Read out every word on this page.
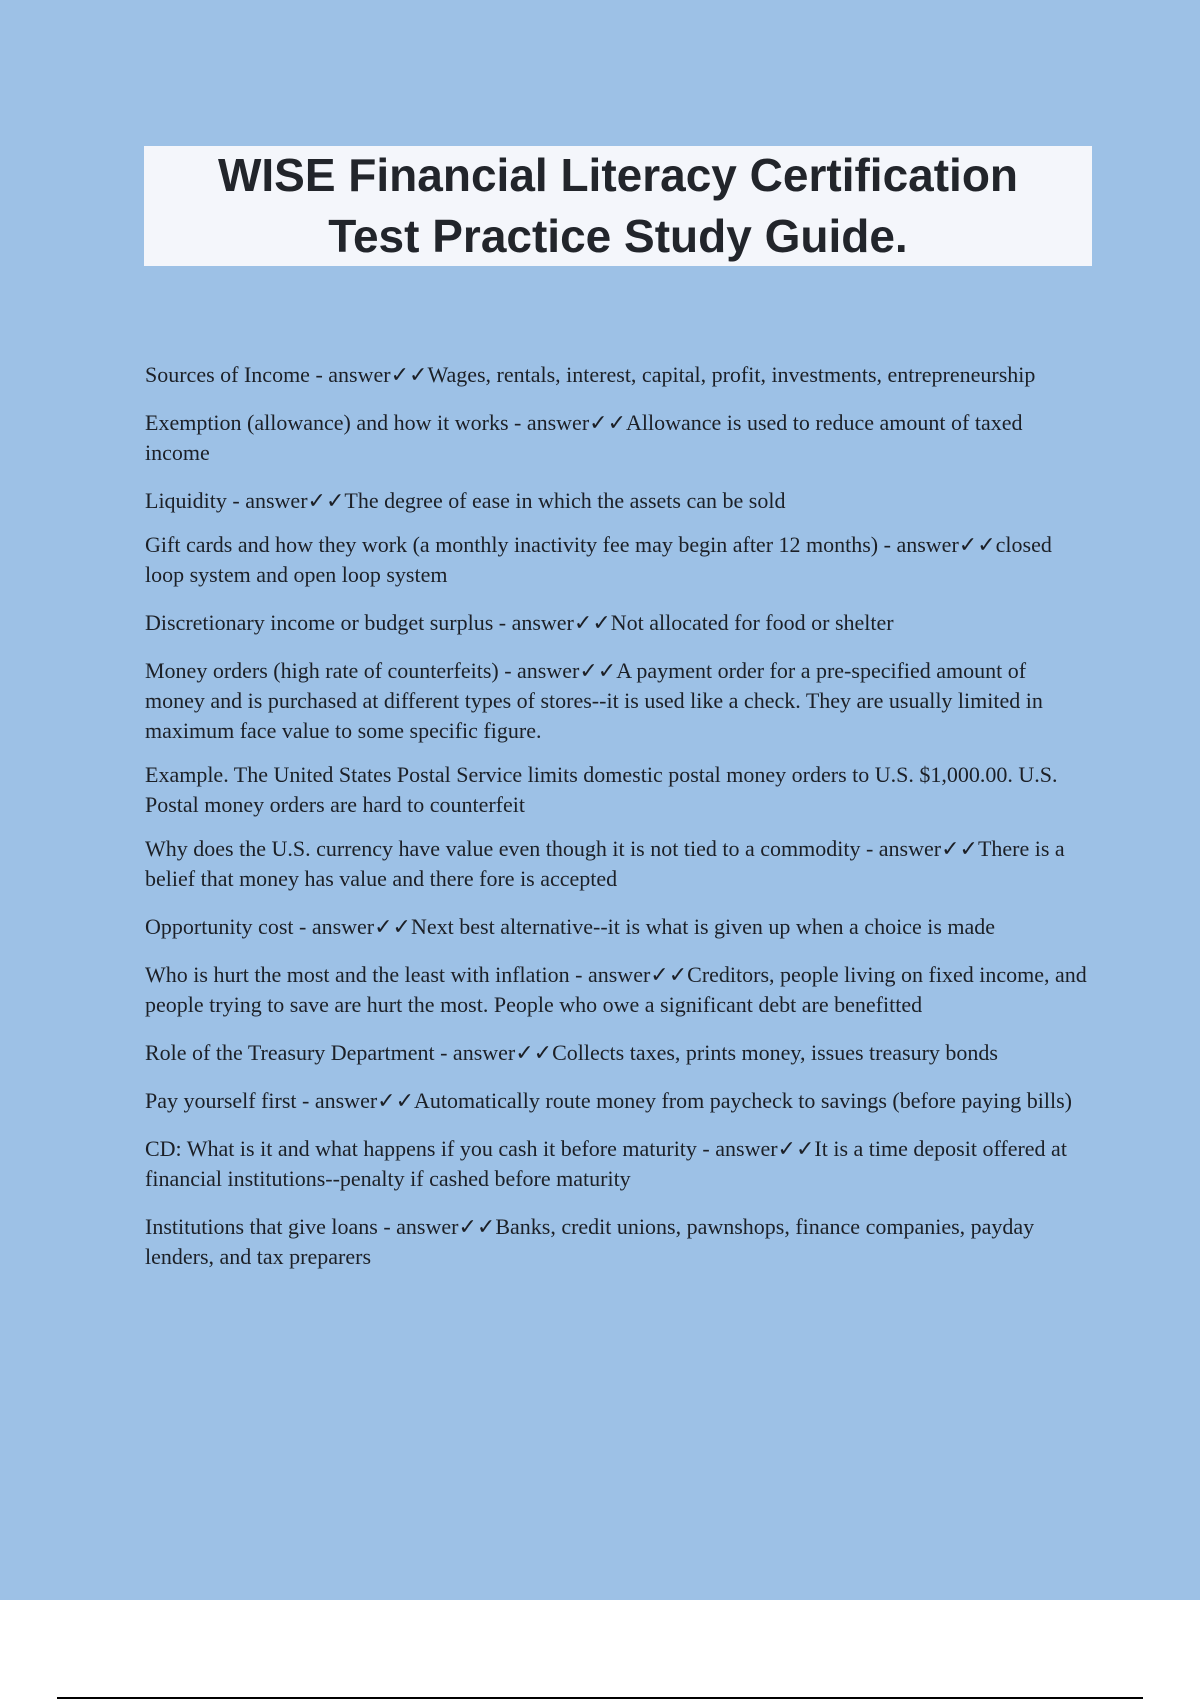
WISE Financial Literacy Certification
Test Practice Study Guide.

Sources of Income - answer✓✓Wages, rentals, interest, capital, profit, investments, entrepreneurship

Exemption (allowance) and how it works - answer✓✓Allowance is used to reduce amount of taxed income

Liquidity - answer✓✓The degree of ease in which the assets can be sold

Gift cards and how they work (a monthly inactivity fee may begin after 12 months) - answer✓✓closed loop system and open loop system

Discretionary income or budget surplus - answer✓✓Not allocated for food or shelter

Money orders (high rate of counterfeits) - answer✓✓A payment order for a pre-specified amount of money and is purchased at different types of stores--it is used like a check. They are usually limited in maximum face value to some specific figure.

Example. The United States Postal Service limits domestic postal money orders to U.S. $1,000.00. U.S. Postal money orders are hard to counterfeit

Why does the U.S. currency have value even though it is not tied to a commodity - answer✓✓There is a belief that money has value and there fore is accepted

Opportunity cost - answer✓✓Next best alternative--it is what is given up when a choice is made

Who is hurt the most and the least with inflation - answer✓✓Creditors, people living on fixed income, and people trying to save are hurt the most. People who owe a significant debt are benefitted

Role of the Treasury Department - answer✓✓Collects taxes, prints money, issues treasury bonds

Pay yourself first - answer✓✓Automatically route money from paycheck to savings (before paying bills)

CD: What is it and what happens if you cash it before maturity - answer✓✓It is a time deposit offered at financial institutions--penalty if cashed before maturity

Institutions that give loans - answer✓✓Banks, credit unions, pawnshops, finance companies, payday lenders, and tax preparers
